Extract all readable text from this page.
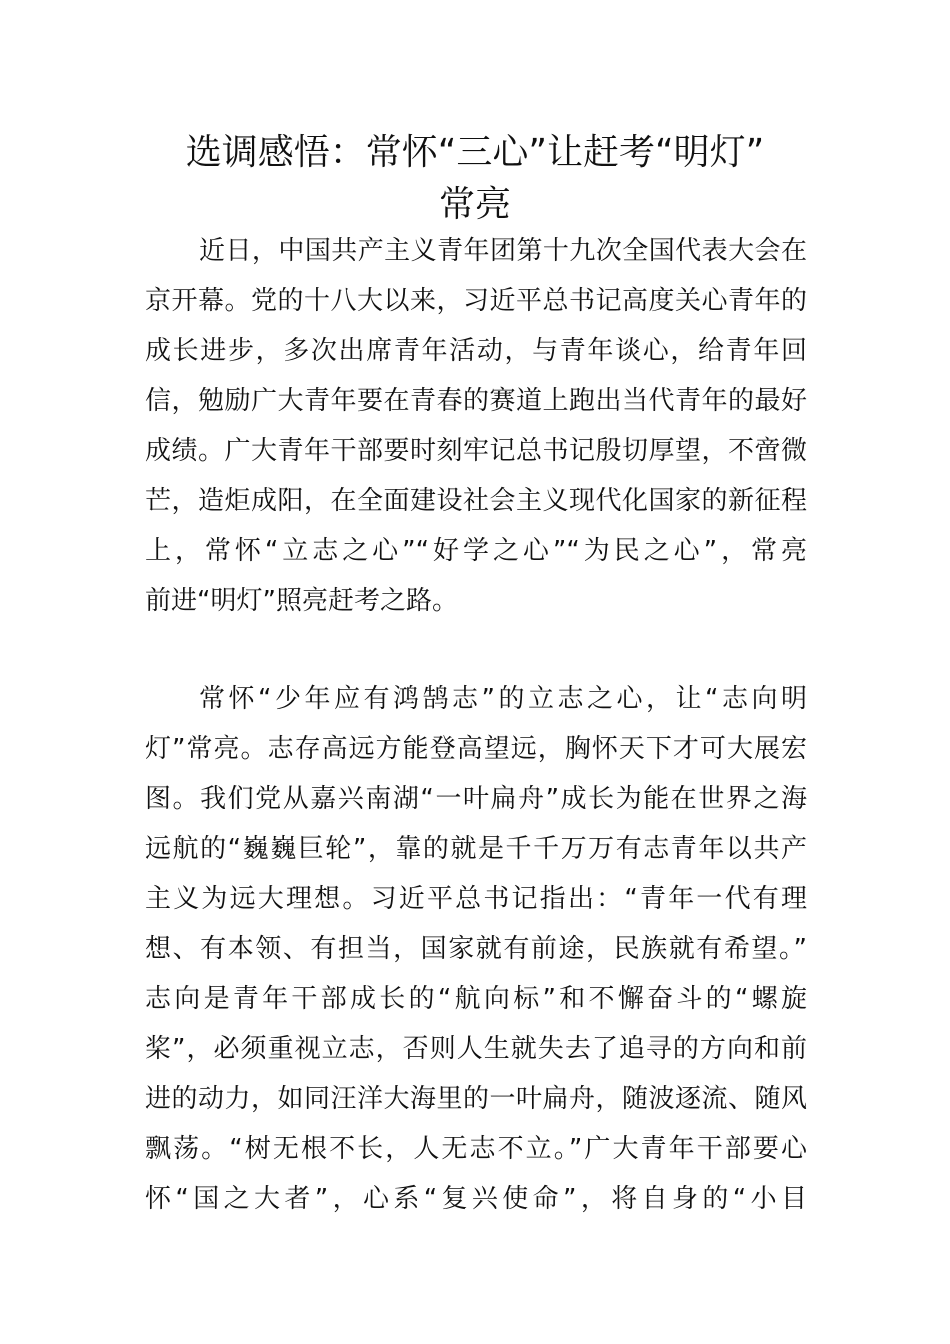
选调感悟：常怀“三心”让赶考“明灯”
常亮
近日，中国共产主义青年团第十九次全国代表大会在
京开幕。党的十八大以来，习近平总书记高度关心青年的
成长进步，多次出席青年活动，与青年谈心，给青年回
信，勉励广大青年要在青春的赛道上跑出当代青年的最好
成绩。广大青年干部要时刻牢记总书记殷切厚望，不啻微
芒，造炬成阳，在全面建设社会主义现代化国家的新征程
上，常怀“立志之心”“好学之心”“为民之心”，常亮
前进“明灯”照亮赶考之路。
常怀“少年应有鸿鹄志”的立志之心，让“志向明
灯”常亮。志存高远方能登高望远，胸怀天下才可大展宏
图。我们党从嘉兴南湖“一叶扁舟”成长为能在世界之海
远航的“巍巍巨轮”，靠的就是千千万万有志青年以共产
主义为远大理想。习近平总书记指出：“青年一代有理
想、有本领、有担当，国家就有前途，民族就有希望。”
志向是青年干部成长的“航向标”和不懈奋斗的“螺旋
桨”，必须重视立志，否则人生就失去了追寻的方向和前
进的动力，如同汪洋大海里的一叶扁舟，随波逐流、随风
飘荡。“树无根不长，人无志不立。”广大青年干部要心
怀“国之大者”，心系“复兴使命”，将自身的“小目
